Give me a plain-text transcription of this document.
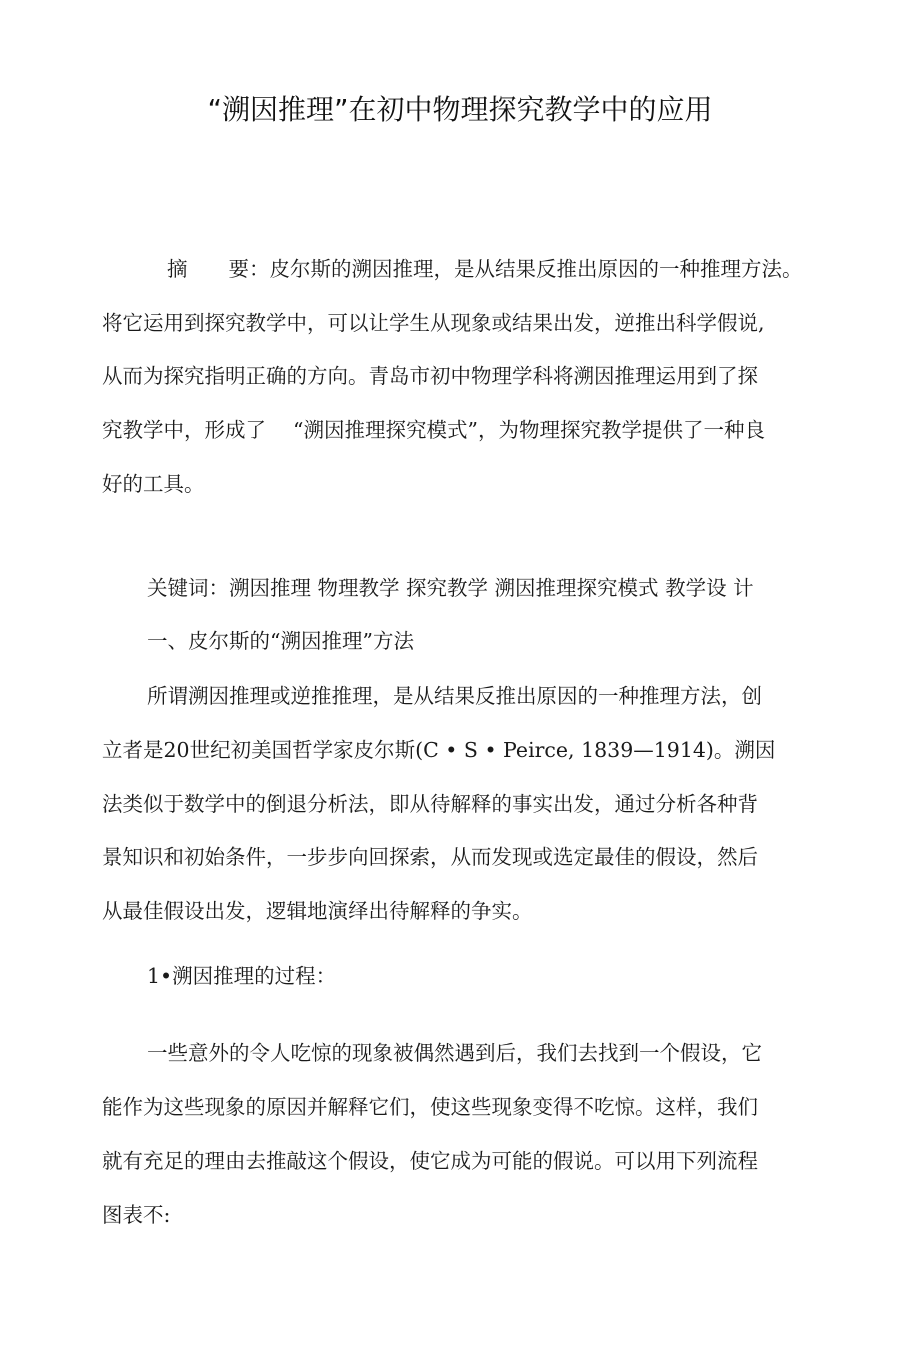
“溯因推理”在初中物理探究教学中的应用
摘　　要：皮尔斯的溯因推理，是从结果反推出原因的一种推理方法。
将它运用到探究教学中，可以让学生从现象或结果出发，逆推出科学假说,
从而为探究指明正确的方向。青岛市初中物理学科将溯因推理运用到了探
究教学中，形成了　 “溯因推理探究模式”，为物理探究教学提供了一种良
好的工具。
关键词：溯因推理 物理教学 探究教学 溯因推理探究模式 教学设 计
一、皮尔斯的“溯因推理”方法
所谓溯因推理或逆推推理，是从结果反推出原因的一种推理方法，创
立者是20世纪初美国哲学家皮尔斯(C • S • Peirce, 1839—1914)。溯因
法类似于数学中的倒退分析法，即从待解释的事实出发，通过分析各种背
景知识和初始条件，一步步向回探索，从而发现或选定最佳的假设，然后
从最佳假设出发，逻辑地演绎出待解释的争实。
1•溯因推理的过程：
一些意外的令人吃惊的现象被偶然遇到后，我们去找到一个假设，它
能作为这些现象的原因并解释它们，使这些现象变得不吃惊。这样，我们
就有充足的理由去推敲这个假设，使它成为可能的假说。可以用下列流程
图表不:
